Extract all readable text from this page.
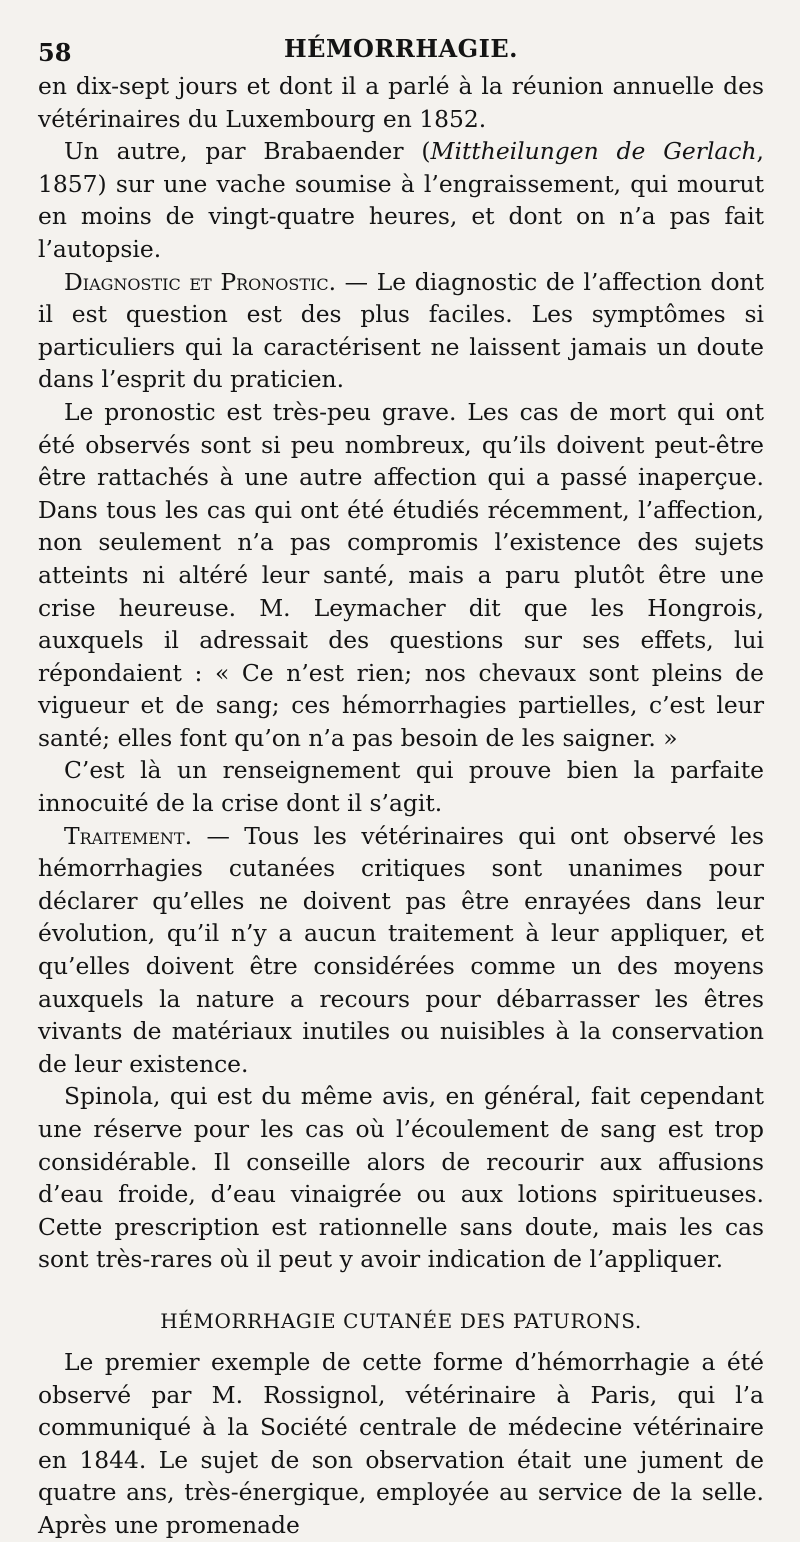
58	HÉMORRHAGIE.

en dix-sept jours et dont il a parlé à la réunion annuelle des vétérinaires du Luxembourg en 1852.

Un autre, par Brabaender (Mittheilungen de Gerlach, 1857) sur une vache soumise à l’engraissement, qui mourut en moins de vingt-quatre heures, et dont on n’a pas fait l’autopsie.

Diagnostic et Pronostic. — Le diagnostic de l’affection dont il est question est des plus faciles. Les symptômes si particuliers qui la caractérisent ne laissent jamais un doute dans l’esprit du praticien.

Le pronostic est très-peu grave. Les cas de mort qui ont été observés sont si peu nombreux, qu’ils doivent peut-être être rattachés à une autre affection qui a passé inaperçue. Dans tous les cas qui ont été étudiés récemment, l’affection, non seulement n’a pas compromis l’existence des sujets atteints ni altéré leur santé, mais a paru plutôt être une crise heureuse. M. Leymacher dit que les Hongrois, auxquels il adressait des questions sur ses effets, lui répondaient : « Ce n’est rien; nos chevaux sont pleins de vigueur et de sang; ces hémorrhagies partielles, c’est leur santé; elles font qu’on n’a pas besoin de les saigner. »

C’est là un renseignement qui prouve bien la parfaite innocuité de la crise dont il s’agit.

Traitement. — Tous les vétérinaires qui ont observé les hémorrhagies cutanées critiques sont unanimes pour déclarer qu’elles ne doivent pas être enrayées dans leur évolution, qu’il n’y a aucun traitement à leur appliquer, et qu’elles doivent être considérées comme un des moyens auxquels la nature a recours pour débarrasser les êtres vivants de matériaux inutiles ou nuisibles à la conservation de leur existence.

Spinola, qui est du même avis, en général, fait cependant une réserve pour les cas où l’écoulement de sang est trop considérable. Il conseille alors de recourir aux affusions d’eau froide, d’eau vinaigrée ou aux lotions spiritueuses. Cette prescription est rationnelle sans doute, mais les cas sont très-rares où il peut y avoir indication de l’appliquer.

HÉMORRHAGIE CUTANÉE DES PATURONS.

Le premier exemple de cette forme d’hémorrhagie a été observé par M. Rossignol, vétérinaire à Paris, qui l’a communiqué à la Société centrale de médecine vétérinaire en 1844. Le sujet de son observation était une jument de quatre ans, très-énergique, employée au service de la selle. Après une promenade
